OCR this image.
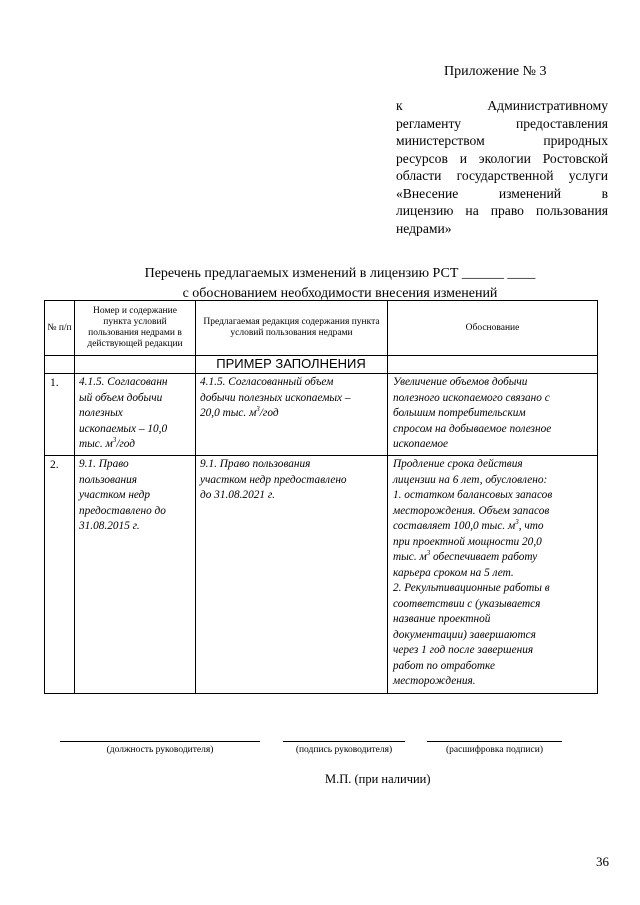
Приложение № 3
к Административному
регламенту предоставления
министерством природных
ресурсов и экологии Ростовской
области государственной услуги
«Внесение изменений в
лицензию на право пользования
недрами»
Перечень предлагаемых изменений в лицензию РСТ ______ ____
с обоснованием необходимости внесения изменений
№ п/п
Номер и содержание пункта условий пользования недрами в действующей редакции
Предлагаемая редакция содержания пункта условий пользования недрами
Обоснование
ПРИМЕР ЗАПОЛНЕНИЯ
1. 4.1.5. Согласованн
ый объем добычи
полезных
ископаемых – 10,0
тыс. $м^3$/год
4.1.5. Согласованный объем
добычи полезных ископаемых –
20,0 тыс. $м^3$/год
Увеличение объемов добычи
полезного ископаемого связано с
большим потребительским
спросом на добываемое полезное
ископаемое
2. 9.1. Право
пользования
участком недр
предоставлено до
31.08.2015 г.
9.1. Право пользования
участком недр предоставлено
до 31.08.2021 г.
Продление срока действия
лицензии на 6 лет, обусловлено:
1. остатком балансовых запасов
месторождения. Объем запасов
составляет 100,0 тыс. $м^3$, что
при проектной мощности 20,0
тыс. $м^3$ обеспечивает работу
карьера сроком на 5 лет.
2. Рекультивационные работы в
соответствии с (указывается
название проектной
документации) завершаются
через 1 год после завершения
работ по отработке
месторождения.
(должность руководителя)	(подпись руководителя)	(расшифровка подписи)
М.П. (при наличии)
36
